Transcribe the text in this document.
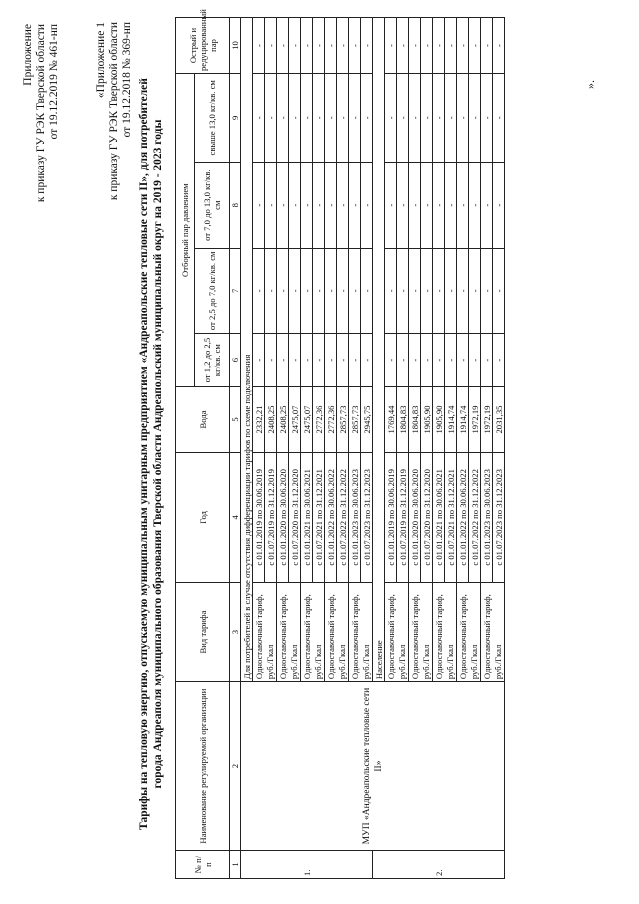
Приложение к приказу ГУ РЭК Тверской области от 19.12.2019 № 461-нп	«Приложение 1 к приказу ГУ РЭК Тверской области от 19.12.2018 № 369-нп Тарифы на тепловую энергию, отпускаемую муниципальным унитарным предприятием «Андреапольские тепловые сети II», для потребителей города Андреаполя муниципального образования Тверской области Андреапольский муниципальный округ на 2019 - 2023 годы
№ п/ п	Наименование регулируемой организации	Вид тарифа	Год	Вода	Отборный пар давлением				Острый и редуцированный пар
					от 1,2 до 2,5 кг/кв. см	от 2,5 до 7,0 кг/кв. см	от 7,0 до 13,0 кг/кв. см	свыше 13,0 кг/кв. см	
1	2	3	4	5	6	7	8	9	10
1.	МУП «Андреапольские тепловые сети II»	Для потребителей в случае отсутствия дифференциации тарифов по схеме подключения							
		Одноставочный тариф, руб./Гкал	с 01.01.2019 по 30.06.2019	2332,21	-	-	-	-	-
			с 01.07.2019 по 31.12.2019	2408,25	-	-	-	-	-
		Одноставочный тариф, руб./Гкал	с 01.01.2020 по 30.06.2020	2408,25	-	-	-	-	-
			с 01.07.2020 по 31.12.2020	2475,07	-	-	-	-	-
		Одноставочный тариф, руб./Гкал	с 01.01.2021 по 30.06.2021	2475,07	-	-	-	-	-
			с 01.07.2021 по 31.12.2021	2772,36	-	-	-	-	-
		Одноставочный тариф, руб./Гкал	с 01.01.2022 по 30.06.2022	2772,36	-	-	-	-	-
			с 01.07.2022 по 31.12.2022	2857,73	-	-	-	-	-
		Одноставочный тариф, руб./Гкал	с 01.01.2023 по 30.06.2023	2857,73	-	-	-	-	-
			с 01.07.2023 по 31.12.2023	2945,75	-	-	-	-	-
2.		Население							
		Одноставочный тариф, руб./Гкал	с 01.01.2019 по 30.06.2019	1769,44	-	-	-	-	-
			с 01.07.2019 по 31.12.2019	1804,83	-	-	-	-	-
		Одноставочный тариф, руб./Гкал	с 01.01.2020 по 30.06.2020	1804,83	-	-	-	-	-
			с 01.07.2020 по 31.12.2020	1905,90	-	-	-	-	-
		Одноставочный тариф, руб./Гкал	с 01.01.2021 по 30.06.2021	1905,90	-	-	-	-	-
			с 01.07.2021 по 31.12.2021	1914,74	-	-	-	-	-
		Одноставочный тариф, руб./Гкал	с 01.01.2022 по 30.06.2022	1914,74	-	-	-	-	-
			с 01.07.2022 по 31.12.2022	1972,19	-	-	-	-	-
		Одноставочный тариф, руб./Гкал	с 01.01.2023 по 30.06.2023	1972,19	-	-	-	-	-
			с 01.07.2023 по 31.12.2023	2031,35	-	-	-	-	-
».
